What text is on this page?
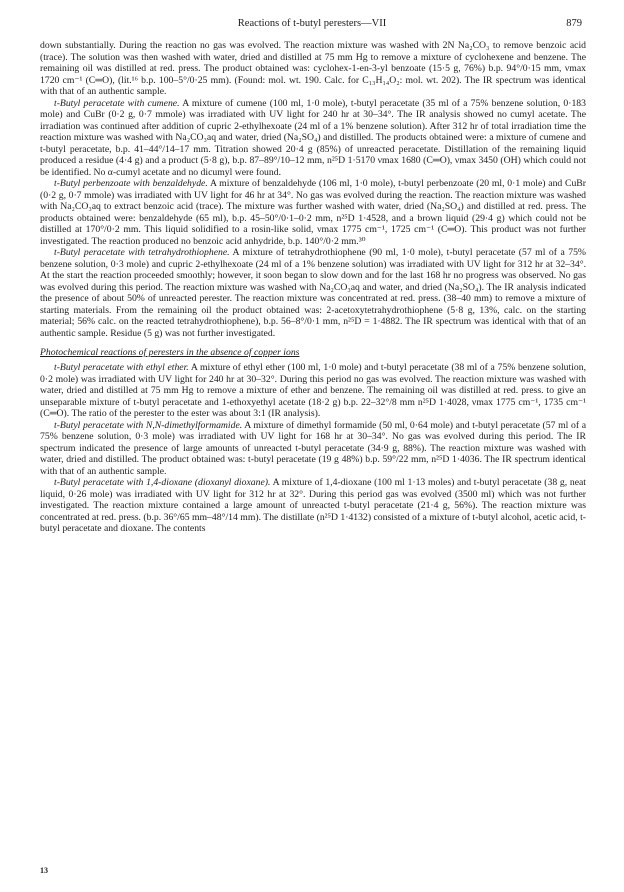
Reactions of t-butyl peresters—VII	879

down substantially. During the reaction no gas was evolved. The reaction mixture was washed with 2N Na₂CO₃ to remove benzoic acid (trace). The solution was then washed with water, dried and distilled at 75 mm Hg to remove a mixture of cyclohexene and benzene. The remaining oil was distilled at red. press. The product obtained was: cyclohex-1-en-3-yl benzoate (15·5 g, 76%) b.p. 94°/0·15 mm, νmax 1720 cm⁻¹ (C═O), (lit.¹⁶ b.p. 100–5°/0·25 mm). (Found: mol. wt. 190. Calc. for C₁₃H₁₄O₂: mol. wt. 202). The IR spectrum was identical with that of an authentic sample.

t-Butyl peracetate with cumene. A mixture of cumene (100 ml, 1·0 mole), t-butyl peracetate (35 ml of a 75% benzene solution, 0·183 mole) and CuBr (0·2 g, 0·7 mmole) was irradiated with UV light for 240 hr at 30–34°. The IR analysis showed no cumyl acetate. The irradiation was continued after addition of cupric 2-ethylhexoate (24 ml of a 1% benzene solution). After 312 hr of total irradiation time the reaction mixture was washed with Na₂CO₃aq and water, dried (Na₂SO₄) and distilled. The products obtained were: a mixture of cumene and t-butyl peracetate, b.p. 41–44°/14–17 mm. Titration showed 20·4 g (85%) of unreacted peracetate. Distillation of the remaining liquid produced a residue (4·4 g) and a product (5·8 g), b.p. 87–89°/10–12 mm, n²⁵D 1·5170 νmax 1680 (C═O), νmax 3450 (OH) which could not be identified. No α-cumyl acetate and no dicumyl were found.

t-Butyl perbenzoate with benzaldehyde. A mixture of benzaldehyde (106 ml, 1·0 mole), t-butyl perbenzoate (20 ml, 0·1 mole) and CuBr (0·2 g, 0·7 mmole) was irradiated with UV light for 46 hr at 34°. No gas was evolved during the reaction. The reaction mixture was washed with Na₂CO₃aq to extract benzoic acid (trace). The mixture was further washed with water, dried (Na₂SO₄) and distilled at red. press. The products obtained were: benzaldehyde (65 ml), b.p. 45–50°/0·1–0·2 mm, n²⁵D 1·4528, and a brown liquid (29·4 g) which could not be distilled at 170°/0·2 mm. This liquid solidified to a rosin-like solid, νmax 1775 cm⁻¹, 1725 cm⁻¹ (C═O). This product was not further investigated. The reaction produced no benzoic acid anhydride, b.p. 140°/0·2 mm.³⁰

t-Butyl peracetate with tetrahydrothiophene. A mixture of tetrahydrothiophene (90 ml, 1·0 mole), t-butyl peracetate (57 ml of a 75% benzene solution, 0·3 mole) and cupric 2-ethylhexoate (24 ml of a 1% benzene solution) was irradiated with UV light for 312 hr at 32–34°. At the start the reaction proceeded smoothly; however, it soon began to slow down and for the last 168 hr no progress was observed. No gas was evolved during this period. The reaction mixture was washed with Na₂CO₃aq and water, and dried (Na₂SO₄). The IR analysis indicated the presence of about 50% of unreacted perester. The reaction mixture was concentrated at red. press. (38–40 mm) to remove a mixture of starting materials. From the remaining oil the product obtained was: 2-acetoxytetrahydrothiophene (5·8 g, 13%, calc. on the starting material; 56% calc. on the reacted tetrahydrothiophene), b.p. 56–8°/0·1 mm, n²⁵D = 1·4882. The IR spectrum was identical with that of an authentic sample. Residue (5 g) was not further investigated.

Photochemical reactions of peresters in the absence of copper ions

t-Butyl peracetate with ethyl ether. A mixture of ethyl ether (100 ml, 1·0 mole) and t-butyl peracetate (38 ml of a 75% benzene solution, 0·2 mole) was irradiated with UV light for 240 hr at 30–32°. During this period no gas was evolved. The reaction mixture was washed with water, dried and distilled at 75 mm Hg to remove a mixture of ether and benzene. The remaining oil was distilled at red. press. to give an unseparable mixture of t-butyl peracetate and 1-ethoxyethyl acetate (18·2 g) b.p. 22–32°/8 mm n²⁵D 1·4028, νmax 1775 cm⁻¹, 1735 cm⁻¹ (C═O). The ratio of the perester to the ester was about 3:1 (IR analysis).

t-Butyl peracetate with N,N-dimethylformamide. A mixture of dimethyl formamide (50 ml, 0·64 mole) and t-butyl peracetate (57 ml of a 75% benzene solution, 0·3 mole) was irradiated with UV light for 168 hr at 30–34°. No gas was evolved during this period. The IR spectrum indicated the presence of large amounts of unreacted t-butyl peracetate (34·9 g, 88%). The reaction mixture was washed with water, dried and distilled. The product obtained was: t-butyl peracetate (19 g 48%) b.p. 59°/22 mm, n²⁵D 1·4036. The IR spectrum identical with that of an authentic sample.

t-Butyl peracetate with 1,4-dioxane (dioxanyl dioxane). A mixture of 1,4-dioxane (100 ml 1·13 moles) and t-butyl peracetate (38 g, neat liquid, 0·26 mole) was irradiated with UV light for 312 hr at 32°. During this period gas was evolved (3500 ml) which was not further investigated. The reaction mixture contained a large amount of unreacted t-butyl peracetate (21·4 g, 56%). The reaction mixture was concentrated at red. press. (b.p. 36°/65 mm–48°/14 mm). The distillate (n²⁵D 1·4132) consisted of a mixture of t-butyl alcohol, acetic acid, t-butyl peracetate and dioxane. The contents

13
